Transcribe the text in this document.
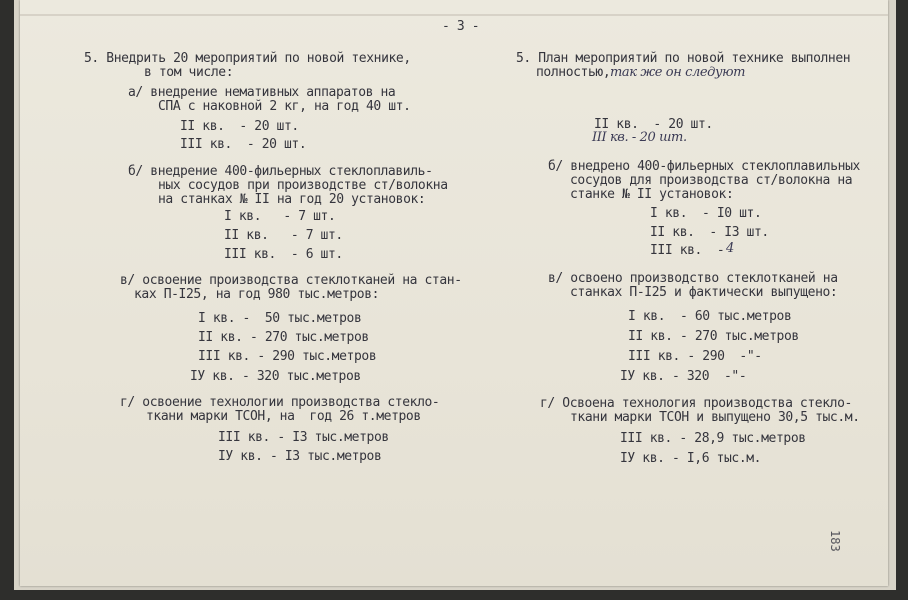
- 3 -
5. Внедрить 20 мероприятий по новой технике,
в том числе:
а/ внедрение немативных аппаратов на
СПА с наковной 2 кг, на год 40 шт.
II кв.  - 20 шт.
III кв.  - 20 шт.
б/ внедрение 400-фильерных стеклоплавиль-
ных сосудов при производстве ст/волокна
на станках № II на год 20 установок:
I кв.   - 7 шт.
II кв.   - 7 шт.
III кв.  - 6 шт.
в/ освоение производства стеклотканей на стан-
ках П-I25, на год 980 тыс.метров:
I кв. -  50 тыс.метров
II кв. - 270 тыс.метров
III кв. - 290 тыс.метров
IУ кв. - 320 тыс.метров
г/ освоение технологии производства стекло-
ткани марки ТСОН, на  год 26 т.метров
III кв. - I3 тыс.метров
IУ кв. - I3 тыс.метров
5. План мероприятий по новой технике выполнен
полностью, так же он следуют
II кв.  - 20 шт.
III кв. - 20 шт.
б/ внедрено 400-фильерных стеклоплавильных
сосудов для производства ст/волокна на
станке № II установок:
I кв.  - I0 шт.
II кв.  - I3 шт.
III кв.  - 4
в/ освоено производство стеклотканей на
станках П-I25 и фактически выпущено:
I кв.  - 60 тыс.метров
II кв. - 270 тыс.метров
III кв. - 290  -"-
IУ кв. - 320  -"-
г/ Освоена технология производства стекло-
ткани марки ТСОН и выпущено 30,5 тыс.м.
III кв. - 28,9 тыс.метров
IУ кв. - I,6 тыс.м.
183
